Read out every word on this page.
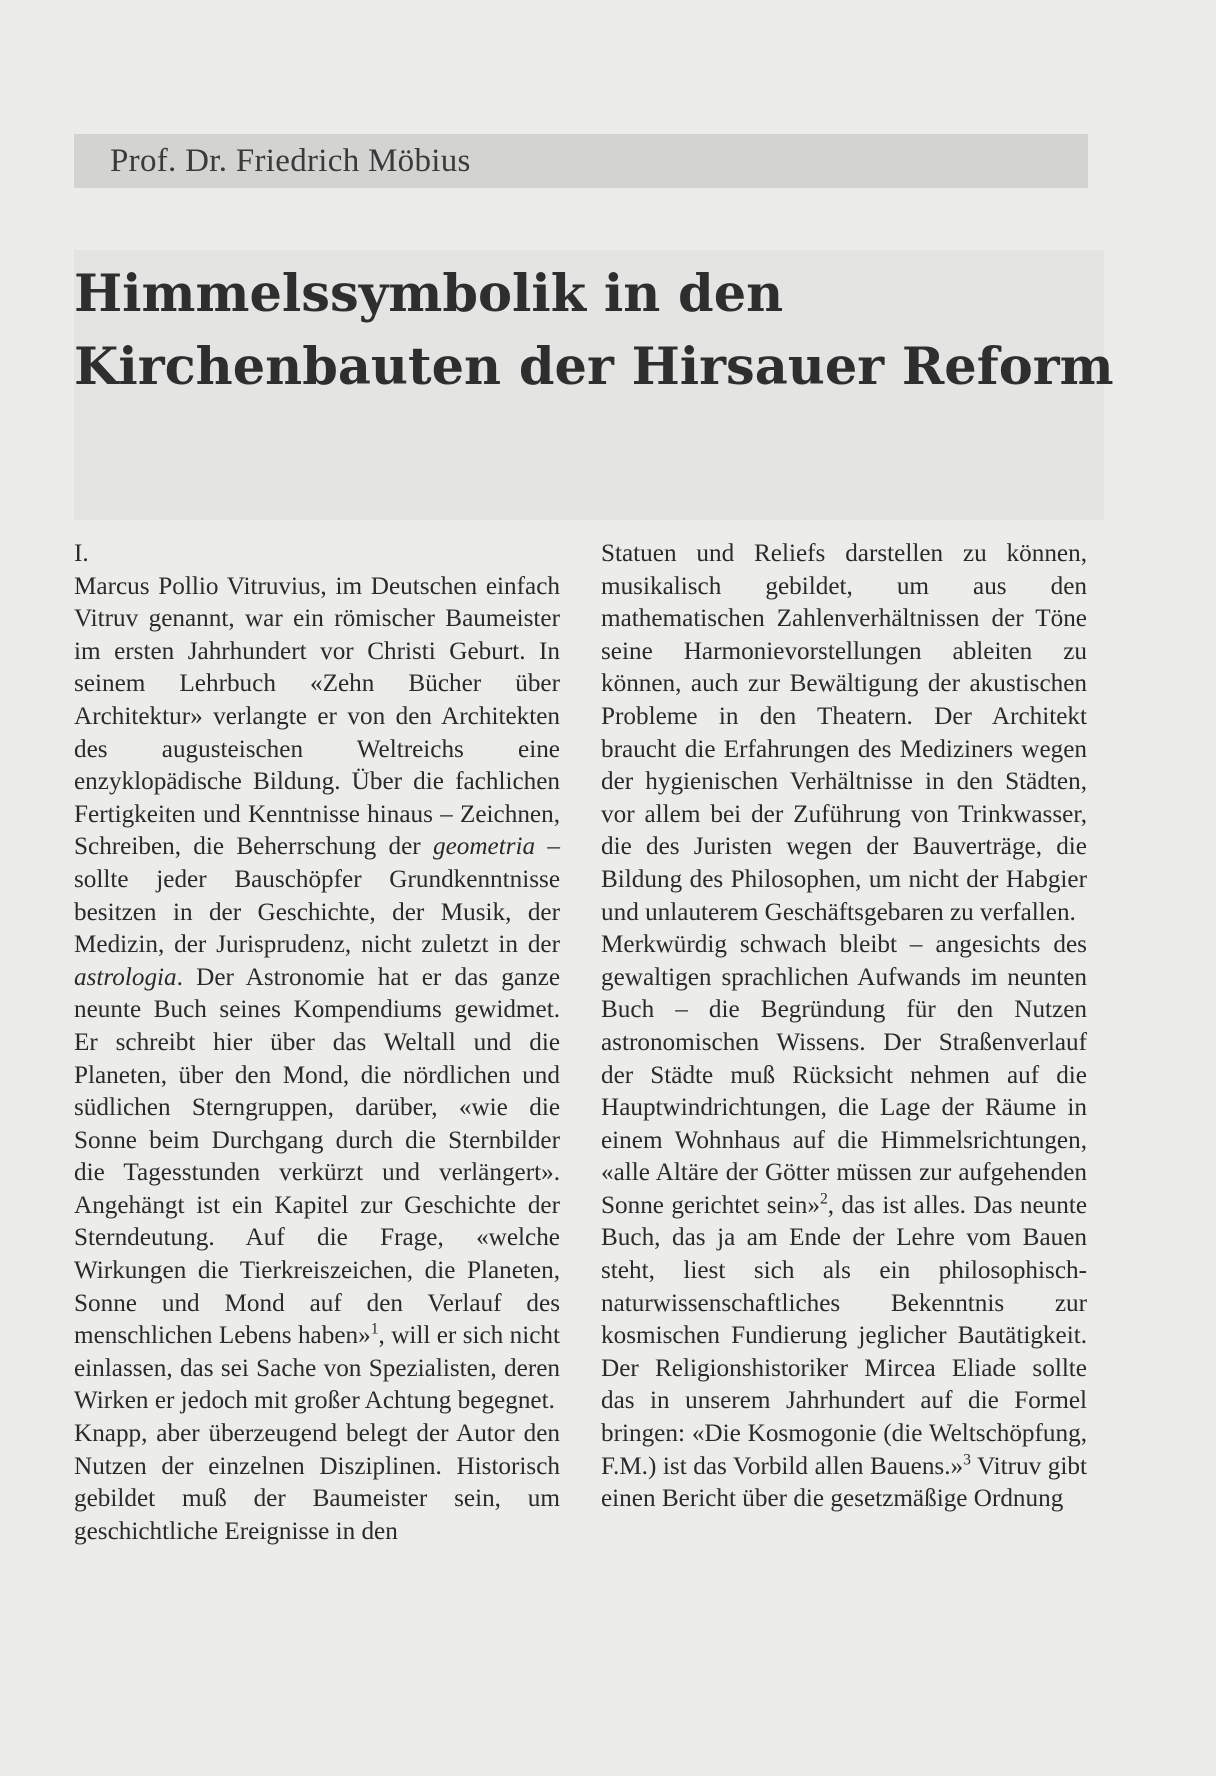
Prof. Dr. Friedrich Möbius
Himmelssymbolik in den
Kirchenbauten der Hirsauer Reform
I.

Marcus Pollio Vitruvius, im Deutschen einfach Vitruv genannt, war ein römischer Baumeister im ersten Jahrhundert vor Christi Geburt. In seinem Lehrbuch «Zehn Bücher über Architektur» verlangte er von den Architekten des augusteischen Weltreichs eine enzyklopädische Bildung. Über die fachlichen Fertigkeiten und Kenntnisse hinaus – Zeichnen, Schreiben, die Beherrschung der geometria – sollte jeder Bauschöpfer Grundkenntnisse besitzen in der Geschichte, der Musik, der Medizin, der Jurisprudenz, nicht zuletzt in der astrologia. Der Astronomie hat er das ganze neunte Buch seines Kompendiums gewidmet. Er schreibt hier über das Weltall und die Planeten, über den Mond, die nördlichen und südlichen Sterngruppen, darüber, «wie die Sonne beim Durchgang durch die Sternbilder die Tagesstunden verkürzt und verlängert». Angehängt ist ein Kapitel zur Geschichte der Sterndeutung. Auf die Frage, «welche Wirkungen die Tierkreiszeichen, die Planeten, Sonne und Mond auf den Verlauf des menschlichen Lebens haben»$^1$, will er sich nicht einlassen, das sei Sache von Spezialisten, deren Wirken er jedoch mit großer Achtung begegnet.

Knapp, aber überzeugend belegt der Autor den Nutzen der einzelnen Disziplinen. Historisch gebildet muß der Baumeister sein, um geschichtliche Ereignisse in den

Statuen und Reliefs darstellen zu können, musikalisch gebildet, um aus den mathematischen Zahlenverhältnissen der Töne seine Harmonievorstellungen ableiten zu können, auch zur Bewältigung der akustischen Probleme in den Theatern. Der Architekt braucht die Erfahrungen des Mediziners wegen der hygienischen Verhältnisse in den Städten, vor allem bei der Zuführung von Trinkwasser, die des Juristen wegen der Bauverträge, die Bildung des Philosophen, um nicht der Habgier und unlauterem Geschäftsgebaren zu verfallen.

Merkwürdig schwach bleibt – angesichts des gewaltigen sprachlichen Aufwands im neunten Buch – die Begründung für den Nutzen astronomischen Wissens. Der Straßenverlauf der Städte muß Rücksicht nehmen auf die Hauptwindrichtungen, die Lage der Räume in einem Wohnhaus auf die Himmelsrichtungen, «alle Altäre der Götter müssen zur aufgehenden Sonne gerichtet sein»$^2$, das ist alles. Das neunte Buch, das ja am Ende der Lehre vom Bauen steht, liest sich als ein philosophisch-naturwissenschaftliches Bekenntnis zur kosmischen Fundierung jeglicher Bautätigkeit. Der Religionshistoriker Mircea Eliade sollte das in unserem Jahrhundert auf die Formel bringen: «Die Kosmogonie (die Weltschöpfung, F.M.) ist das Vorbild allen Bauens.»$^3$ Vitruv gibt einen Bericht über die gesetzmäßige Ordnung
